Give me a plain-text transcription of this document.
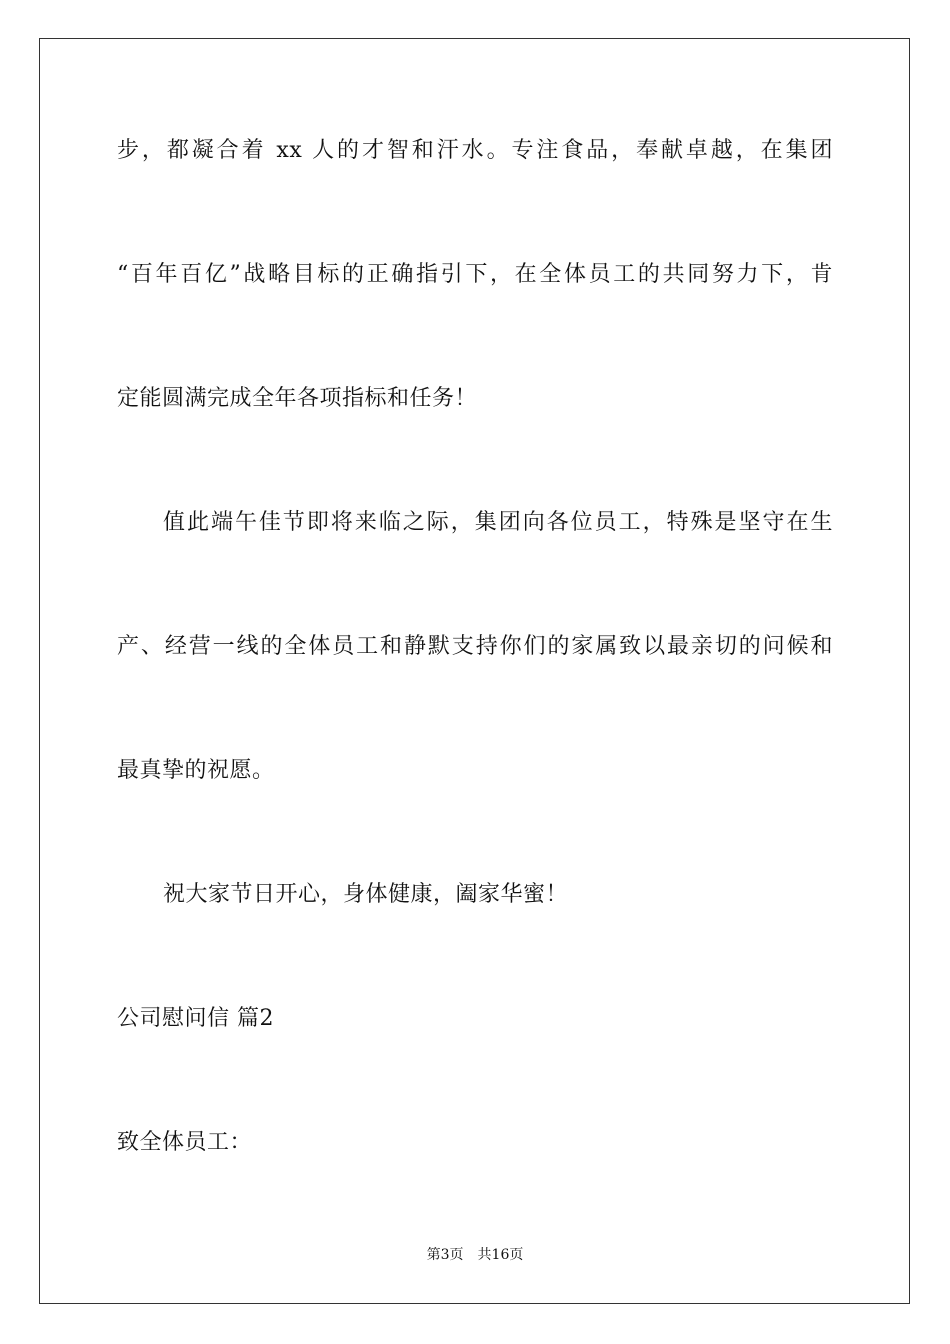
步，都凝合着 xx 人的才智和汗水。专注食品，奉献卓越，在集团
“百年百亿”战略目标的正确指引下，在全体员工的共同努力下，肯
定能圆满完成全年各项指标和任务！
值此端午佳节即将来临之际，集团向各位员工，特殊是坚守在生
产、经营一线的全体员工和静默支持你们的家属致以最亲切的问候和
最真挚的祝愿。
祝大家节日开心，身体健康，阖家华蜜！
公司慰问信 篇2
致全体员工：
第3页 共16页
